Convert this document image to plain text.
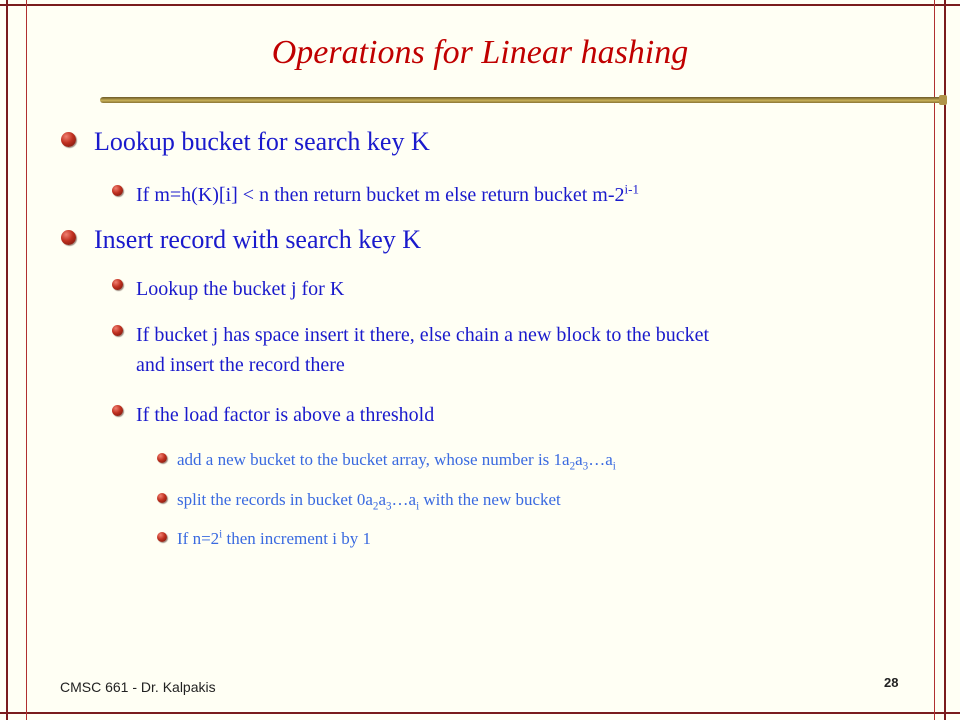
Operations for Linear hashing
Lookup bucket for search key K
If m=h(K)[i] < n then return bucket m else return bucket m-2$^{i-1}$
Insert record with search key K
Lookup the bucket j for K
If bucket j has space insert it there, else chain a new block to the bucket
and insert the record there
If the load factor is above a threshold
add a new bucket to the bucket array, whose number is $1a_2a_3\dots a_i$
split the records in bucket $0a_2a_3\dots a_i$ with the new bucket
If $n=2^i$ then increment i by 1
CMSC 661 - Dr. Kalpakis	28
